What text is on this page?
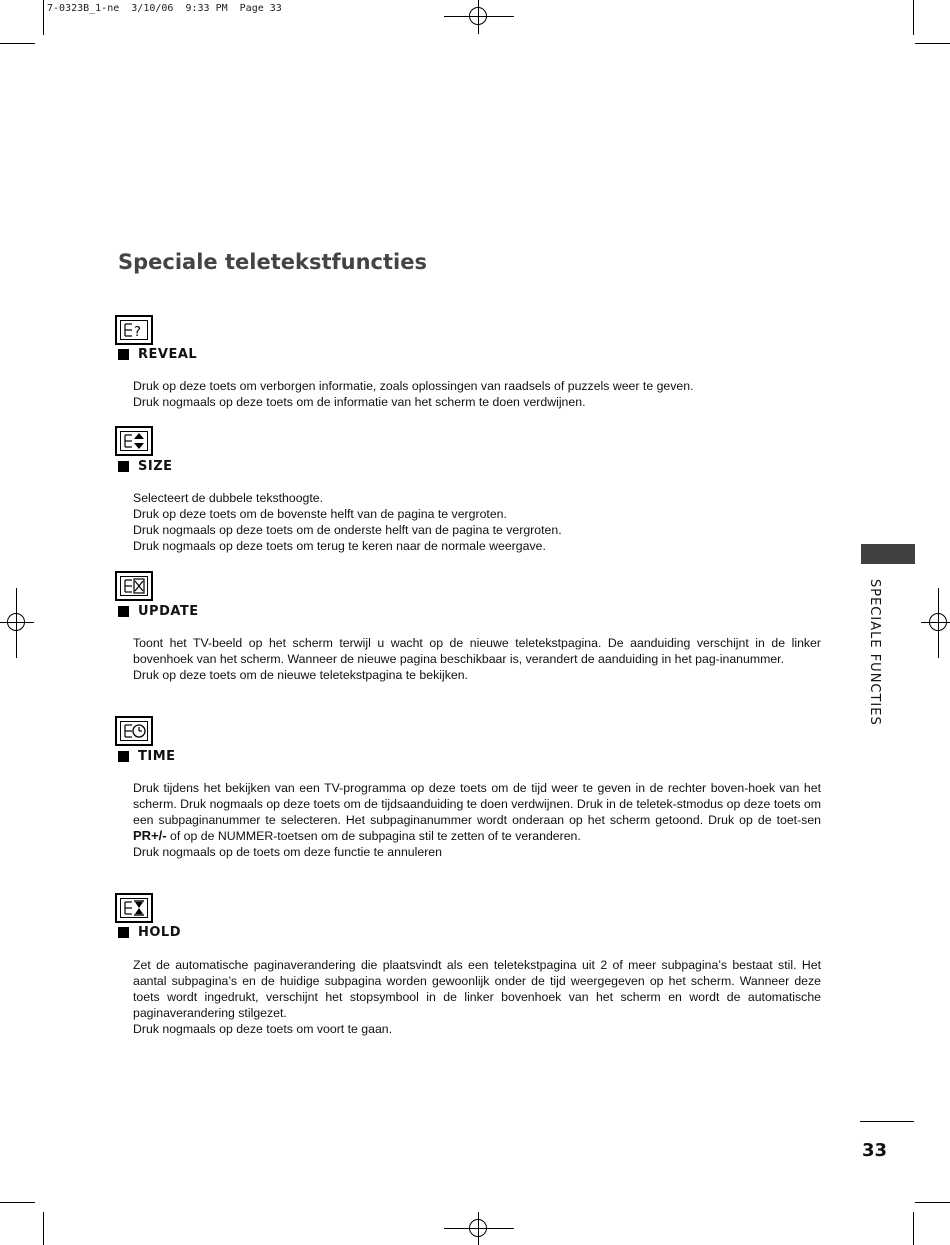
7-0323B_1-ne  3/10/06  9:33 PM  Page 33
Speciale teletekstfuncties
?
REVEAL
Druk op deze toets om verborgen informatie, zoals oplossingen van raadsels of puzzels weer te geven.
Druk nogmaals op deze toets om de informatie van het scherm te doen verdwijnen.
SIZE
Selecteert de dubbele teksthoogte.
Druk op deze toets om de bovenste helft van de pagina te vergroten.
Druk nogmaals op deze toets om de onderste helft van de pagina te vergroten.
Druk nogmaals op deze toets om terug te keren naar de normale weergave.
UPDATE
Toont het TV-beeld op het scherm terwijl u wacht op de nieuwe teletekstpagina. De aanduiding verschijnt in de linker bovenhoek van het scherm. Wanneer de nieuwe pagina beschikbaar is, verandert de aanduiding in het pag-inanummer.
Druk op deze toets om de nieuwe teletekstpagina te bekijken.
TIME
Druk tijdens het bekijken van een TV-programma op deze toets om de tijd weer te geven in de rechter boven-hoek van het scherm. Druk nogmaals op deze toets om de tijdsaanduiding te doen verdwijnen. Druk in de teletek-stmodus op deze toets om een subpaginanummer te selecteren. Het subpaginanummer wordt onderaan op het scherm getoond. Druk op de toet-sen PR+/- of op de NUMMER-toetsen om de subpagina stil te zetten of te veranderen.
Druk nogmaals op de toets om deze functie te annuleren
HOLD
Zet de automatische paginaverandering die plaatsvindt als een teletekstpagina uit 2 of meer subpagina’s bestaat stil. Het aantal subpagina’s en de huidige subpagina worden gewoonlijk onder de tijd weergegeven op het scherm. Wanneer deze toets wordt ingedrukt, verschijnt het stopsymbool in de linker bovenhoek van het scherm en wordt de automatische paginaverandering stilgezet.
Druk nogmaals op deze toets om voort te gaan.
SPECIALE FUNCTIES
33
